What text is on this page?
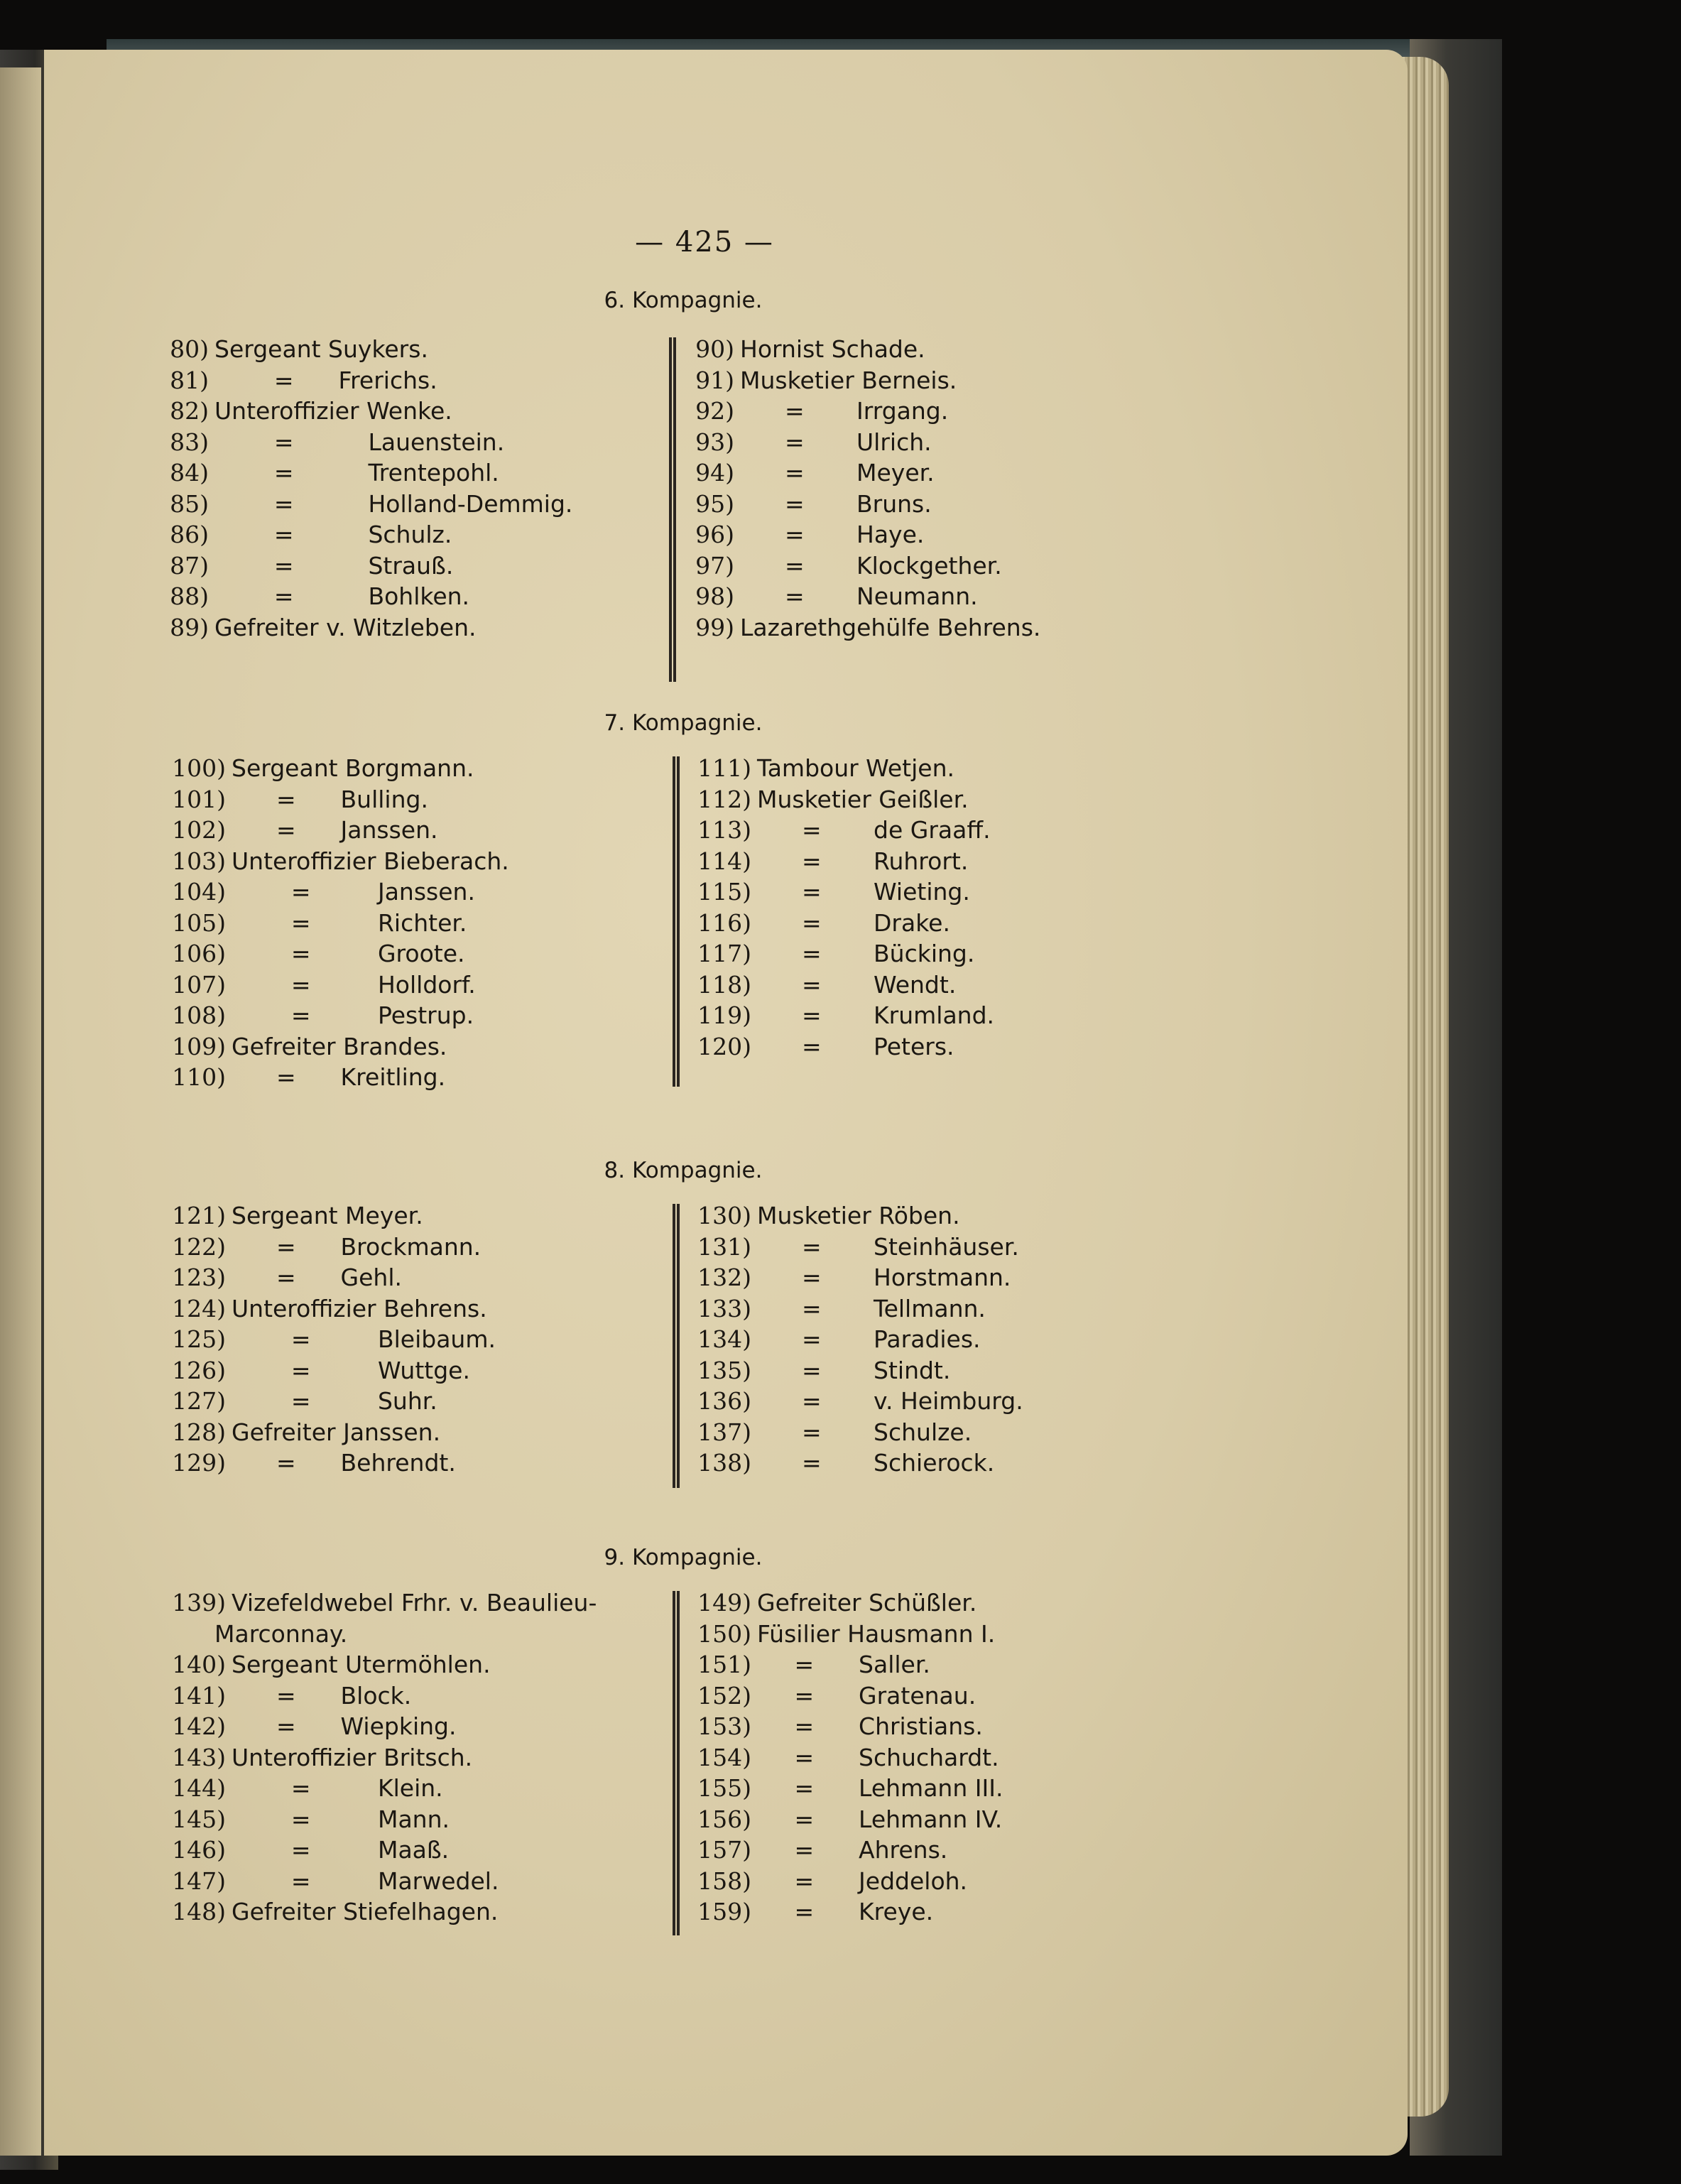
— 425 —
6. Kompagnie.
80) Sergeant Suykers.
81)        =      Frerichs.
82) Unteroffizier Wenke.
83)        =          Lauenstein.
84)        =          Trentepohl.
85)        =          Holland-Demmig.
86)        =          Schulz.
87)        =          Strauß.
88)        =          Bohlken.
89) Gefreiter v. Witzleben.
90) Hornist Schade.
91) Musketier Berneis.
92)      =       Irrgang.
93)      =       Ulrich.
94)      =       Meyer.
95)      =       Bruns.
96)      =       Haye.
97)      =       Klockgether.
98)      =       Neumann.
99) Lazarethgehülfe Behrens.
7. Kompagnie.
100) Sergeant Borgmann.
101)      =      Bulling.
102)      =      Janssen.
103) Unteroffizier Bieberach.
104)        =         Janssen.
105)        =         Richter.
106)        =         Groote.
107)        =         Holldorf.
108)        =         Pestrup.
109) Gefreiter Brandes.
110)      =      Kreitling.
111) Tambour Wetjen.
112) Musketier Geißler.
113)      =       de Graaff.
114)      =       Ruhrort.
115)      =       Wieting.
116)      =       Drake.
117)      =       Bücking.
118)      =       Wendt.
119)      =       Krumland.
120)      =       Peters.
8. Kompagnie.
121) Sergeant Meyer.
122)      =      Brockmann.
123)      =      Gehl.
124) Unteroffizier Behrens.
125)        =         Bleibaum.
126)        =         Wuttge.
127)        =         Suhr.
128) Gefreiter Janssen.
129)      =      Behrendt.
130) Musketier Röben.
131)      =       Steinhäuser.
132)      =       Horstmann.
133)      =       Tellmann.
134)      =       Paradies.
135)      =       Stindt.
136)      =       v. Heimburg.
137)      =       Schulze.
138)      =       Schierock.
9. Kompagnie.
139) Vizefeldwebel Frhr. v. Beaulieu-
Marconnay.
140) Sergeant Utermöhlen.
141)      =      Block.
142)      =      Wiepking.
143) Unteroffizier Britsch.
144)        =         Klein.
145)        =         Mann.
146)        =         Maaß.
147)        =         Marwedel.
148) Gefreiter Stiefelhagen.
149) Gefreiter Schüßler.
150) Füsilier Hausmann I.
151)     =      Saller.
152)     =      Gratenau.
153)     =      Christians.
154)     =      Schuchardt.
155)     =      Lehmann III.
156)     =      Lehmann IV.
157)     =      Ahrens.
158)     =      Jeddeloh.
159)     =      Kreye.
